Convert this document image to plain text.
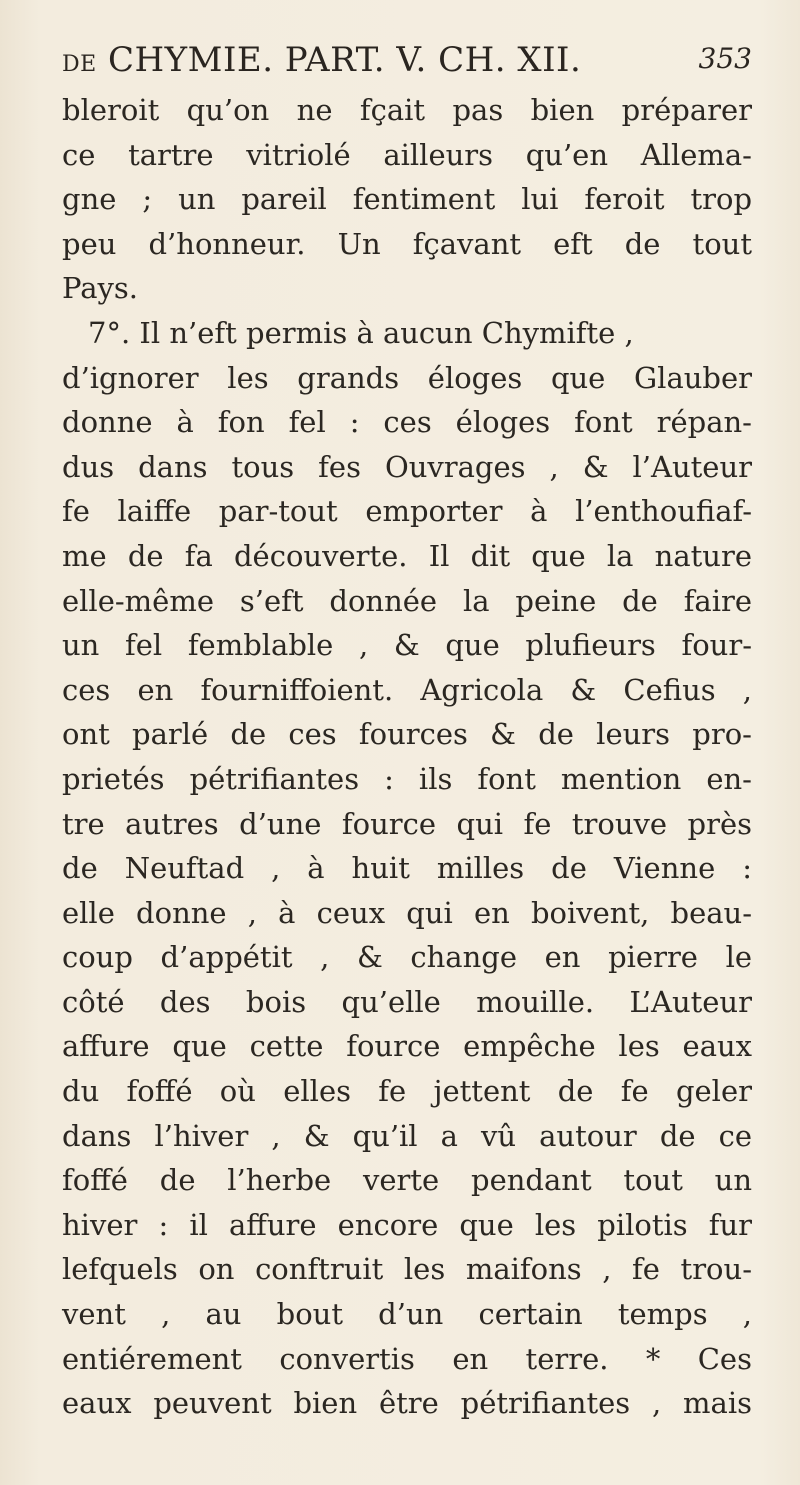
DE CHYMIE. PART. V. CH. XII.	353
bleroit qu’on ne fçait pas bien préparer
ce tartre vitriolé ailleurs qu’en Allema-
gne ; un pareil fentiment lui feroit trop
peu d’honneur. Un fçavant eft de tout
Pays.
7°. Il n’eft permis à aucun Chymifte ,
d’ignorer les grands éloges que Glauber
donne à fon fel : ces éloges font répan-
dus dans tous fes Ouvrages , & l’Auteur
fe laiffe par-tout emporter à l’enthoufiaf-
me de fa découverte. Il dit que la nature
elle-même s’eft donnée la peine de faire
un fel femblable , & que plufieurs four-
ces en fourniffoient. Agricola & Cefius ,
ont parlé de ces fources & de leurs pro-
prietés pétrifiantes : ils font mention en-
tre autres d’une fource qui fe trouve près
de Neuftad , à huit milles de Vienne :
elle donne , à ceux qui en boivent, beau-
coup d’appétit , & change en pierre le
côté des bois qu’elle mouille. L’Auteur
affure que cette fource empêche les eaux
du foffé où elles fe jettent de fe geler
dans l’hiver , & qu’il a vû autour de ce
foffé de l’herbe verte pendant tout un
hiver : il affure encore que les pilotis fur
lefquels on conftruit les maifons , fe trou-
vent , au bout d’un certain temps ,
entiérement convertis en terre. * Ces
eaux peuvent bien être pétrifiantes , mais
